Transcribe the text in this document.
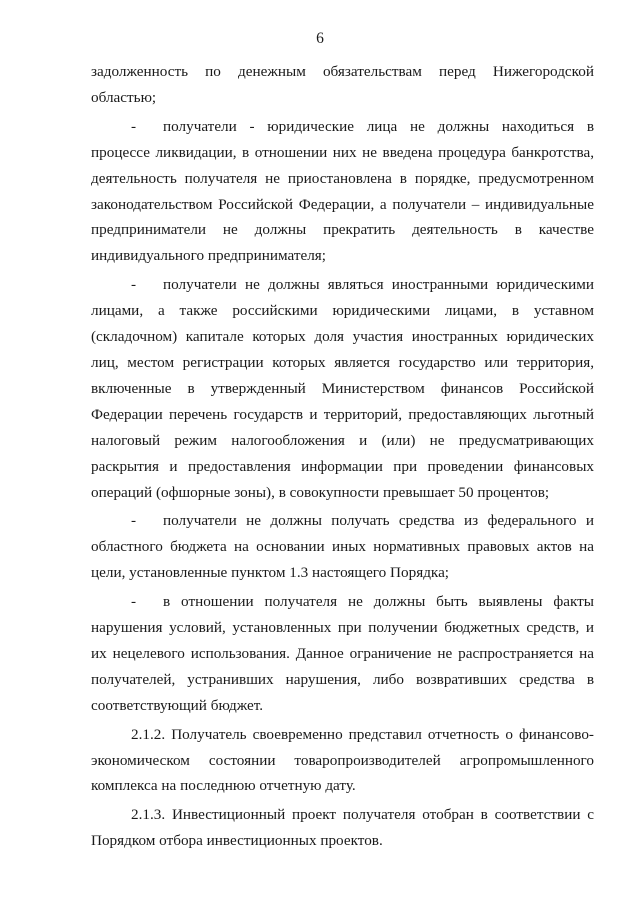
6

задолженность по денежным обязательствам перед Нижегородской областью;

- получатели - юридические лица не должны находиться в процессе ликвидации, в отношении них не введена процедура банкротства, деятельность получателя не приостановлена в порядке, предусмотренном законодательством Российской Федерации, а получатели – индивидуальные предприниматели не должны прекратить деятельность в качестве индивидуального предпринимателя;

- получатели не должны являться иностранными юридическими лицами, а также российскими юридическими лицами, в уставном (складочном) капитале которых доля участия иностранных юридических лиц, местом регистрации которых является государство или территория, включенные в утвержденный Министерством финансов Российской Федерации перечень государств и территорий, предоставляющих льготный налоговый режим налогообложения и (или) не предусматривающих раскрытия и предоставления информации при проведении финансовых операций (офшорные зоны), в совокупности превышает 50 процентов;

- получатели не должны получать средства из федерального и областного бюджета на основании иных нормативных правовых актов на цели, установленные пунктом 1.3 настоящего Порядка;

- в отношении получателя не должны быть выявлены факты нарушения условий, установленных при получении бюджетных средств, и их нецелевого использования. Данное ограничение не распространяется на получателей, устранивших нарушения, либо возвративших средства в соответствующий бюджет.

2.1.2. Получатель своевременно представил отчетность о финансово-экономическом состоянии товаропроизводителей агропромышленного комплекса на последнюю отчетную дату.

2.1.3. Инвестиционный проект получателя отобран в соответствии с Порядком отбора инвестиционных проектов.
